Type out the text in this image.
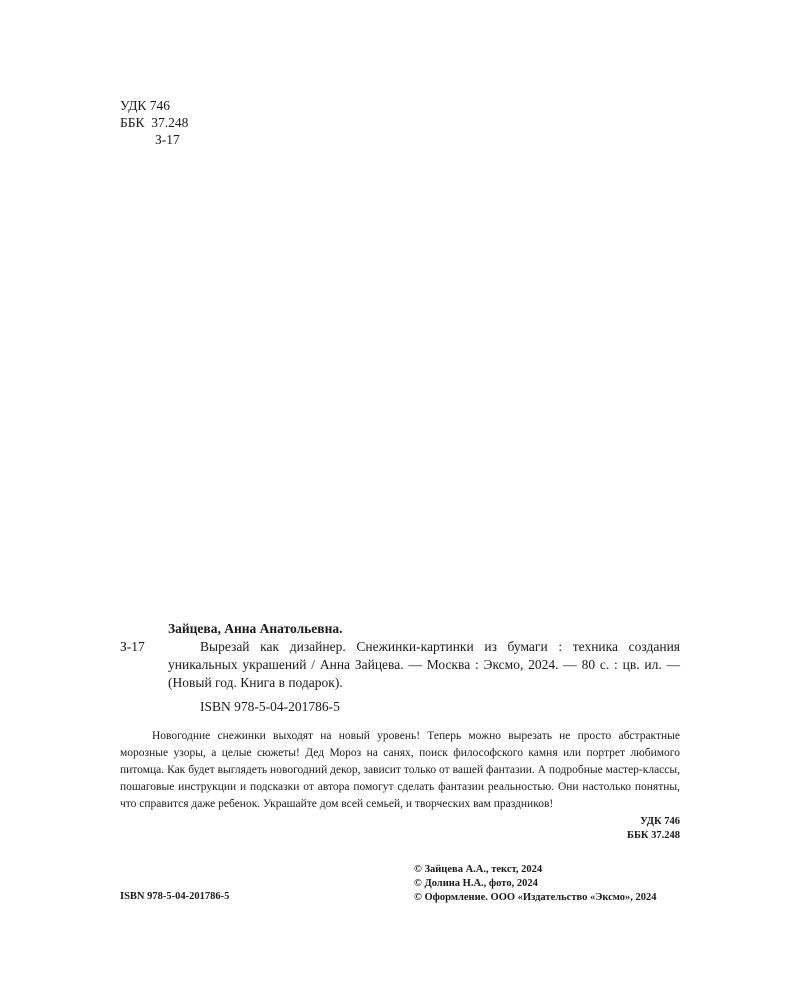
УДК 746
ББК  37.248
З-17
Зайцева, Анна Анатольевна.
З-17	Вырезай как дизайнер. Снежинки-картинки из бумаги : техника создания уникальных украшений / Анна Зайцева. — Москва : Эксмо, 2024. — 80 с. : цв. ил. — (Новый год. Книга в подарок).
ISBN 978-5-04-201786-5

Новогодние снежинки выходят на новый уровень! Теперь можно вырезать не просто абстрактные морозные узоры, а целые сюжеты! Дед Мороз на санях, поиск философского камня или портрет любимого питомца. Как будет выглядеть новогодний декор, зависит только от вашей фантазии. А подробные мастер-классы, пошаговые инструкции и подсказки от автора помогут сделать фантазии реальностью. Они настолько понятны, что справится даже ребенок. Украшайте дом всей семьей, и творческих вам праздников!

УДК 746
ББК 37.248
© Зайцева А.А., текст, 2024
© Долина Н.А., фото, 2024
© Оформление. ООО «Издательство «Эксмо», 2024
ISBN 978-5-04-201786-5
